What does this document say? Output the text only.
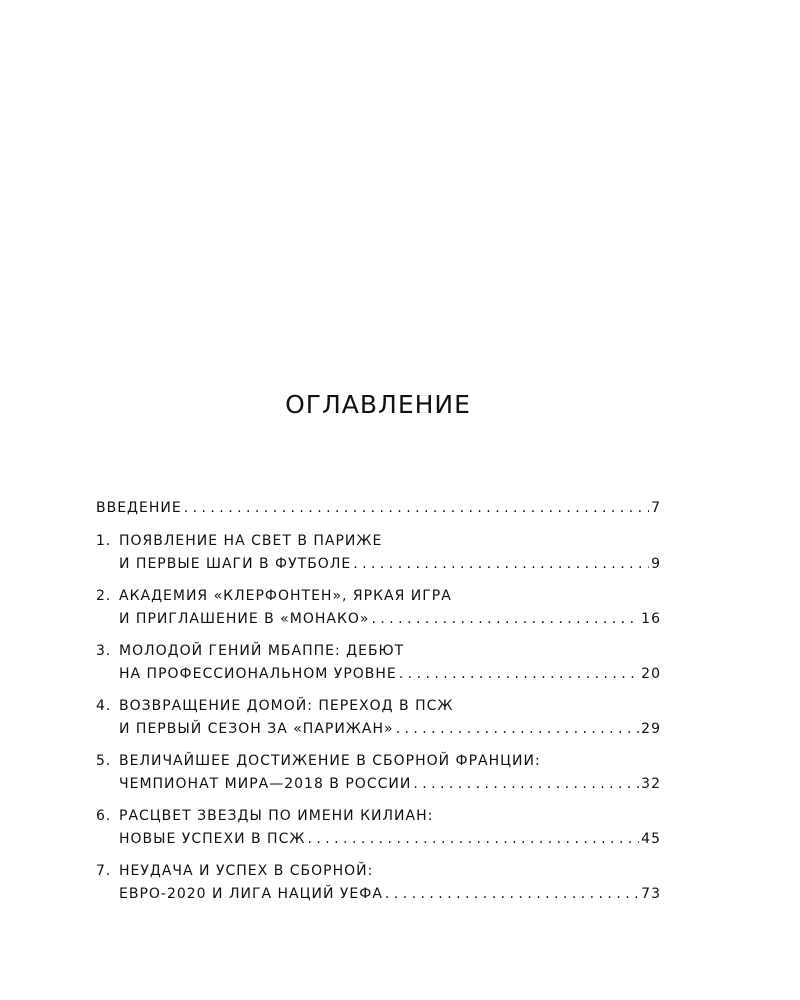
ОГЛАВЛЕНИЕ
ВВЕДЕНИЕ . . .	7
1. ПОЯВЛЕНИЕ НА СВЕТ В ПАРИЖЕ
И ПЕРВЫЕ ШАГИ В ФУТБОЛЕ . . .	9
2. АКАДЕМИЯ «КЛЕРФОНТЕН», ЯРКАЯ ИГРА
И ПРИГЛАШЕНИЕ В «МОНАКО» . . .	16
3. МОЛОДОЙ ГЕНИЙ МБАППЕ: ДЕБЮТ
НА ПРОФЕССИОНАЛЬНОМ УРОВНЕ . . .	20
4. ВОЗВРАЩЕНИЕ ДОМОЙ: ПЕРЕХОД В ПСЖ
И ПЕРВЫЙ СЕЗОН ЗА «ПАРИЖАН» . . .	29
5. ВЕЛИЧАЙШЕЕ ДОСТИЖЕНИЕ В СБОРНОЙ ФРАНЦИИ:
ЧЕМПИОНАТ МИРА—2018 В РОССИИ . . .	32
6. РАСЦВЕТ ЗВЕЗДЫ ПО ИМЕНИ КИЛИАН:
НОВЫЕ УСПЕХИ В ПСЖ . . .	45
7. НЕУДАЧА И УСПЕХ В СБОРНОЙ:
ЕВРО-2020 И ЛИГА НАЦИЙ УЕФА . . .	73
